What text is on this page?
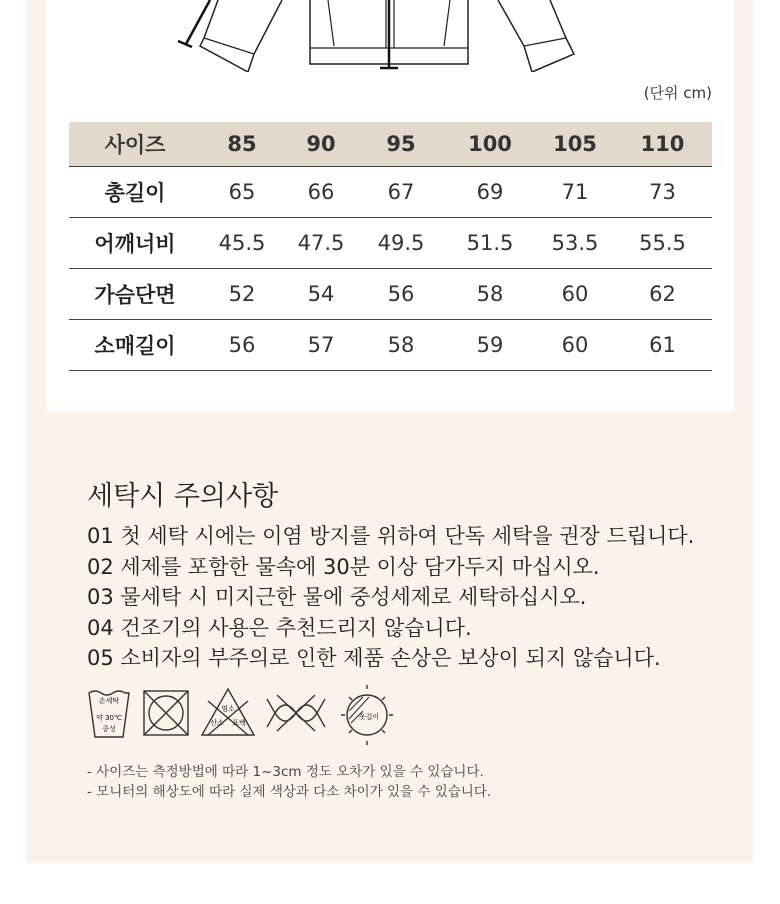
(단위 cm)
사이즈	85	90	95	100	105	110
총길이	65	66	67	69	71	73
어깨너비	45.5	47.5	49.5	51.5	53.5	55.5
가슴단면	52	54	56	58	60	62
소매길이	56	57	58	59	60	61
세탁시 주의사항
01 첫 세탁 시에는 이염 방지를 위하여 단독 세탁을 권장 드립니다.
02 세제를 포함한 물속에 30분 이상 담가두지 마십시오.
03 물세탁 시 미지근한 물에 중성세제로 세탁하십시오.
04 건조기의 사용은 추천드리지 않습니다.
05 소비자의 부주의로 인한 제품 손상은 보상이 되지 않습니다.
손세탁
약 30℃
중성
염소
산소 표백
옷걸이
- 사이즈는 측정방법에 따라 1~3cm 정도 오차가 있을 수 있습니다.
- 모니터의 해상도에 따라 실제 색상과 다소 차이가 있을 수 있습니다.
